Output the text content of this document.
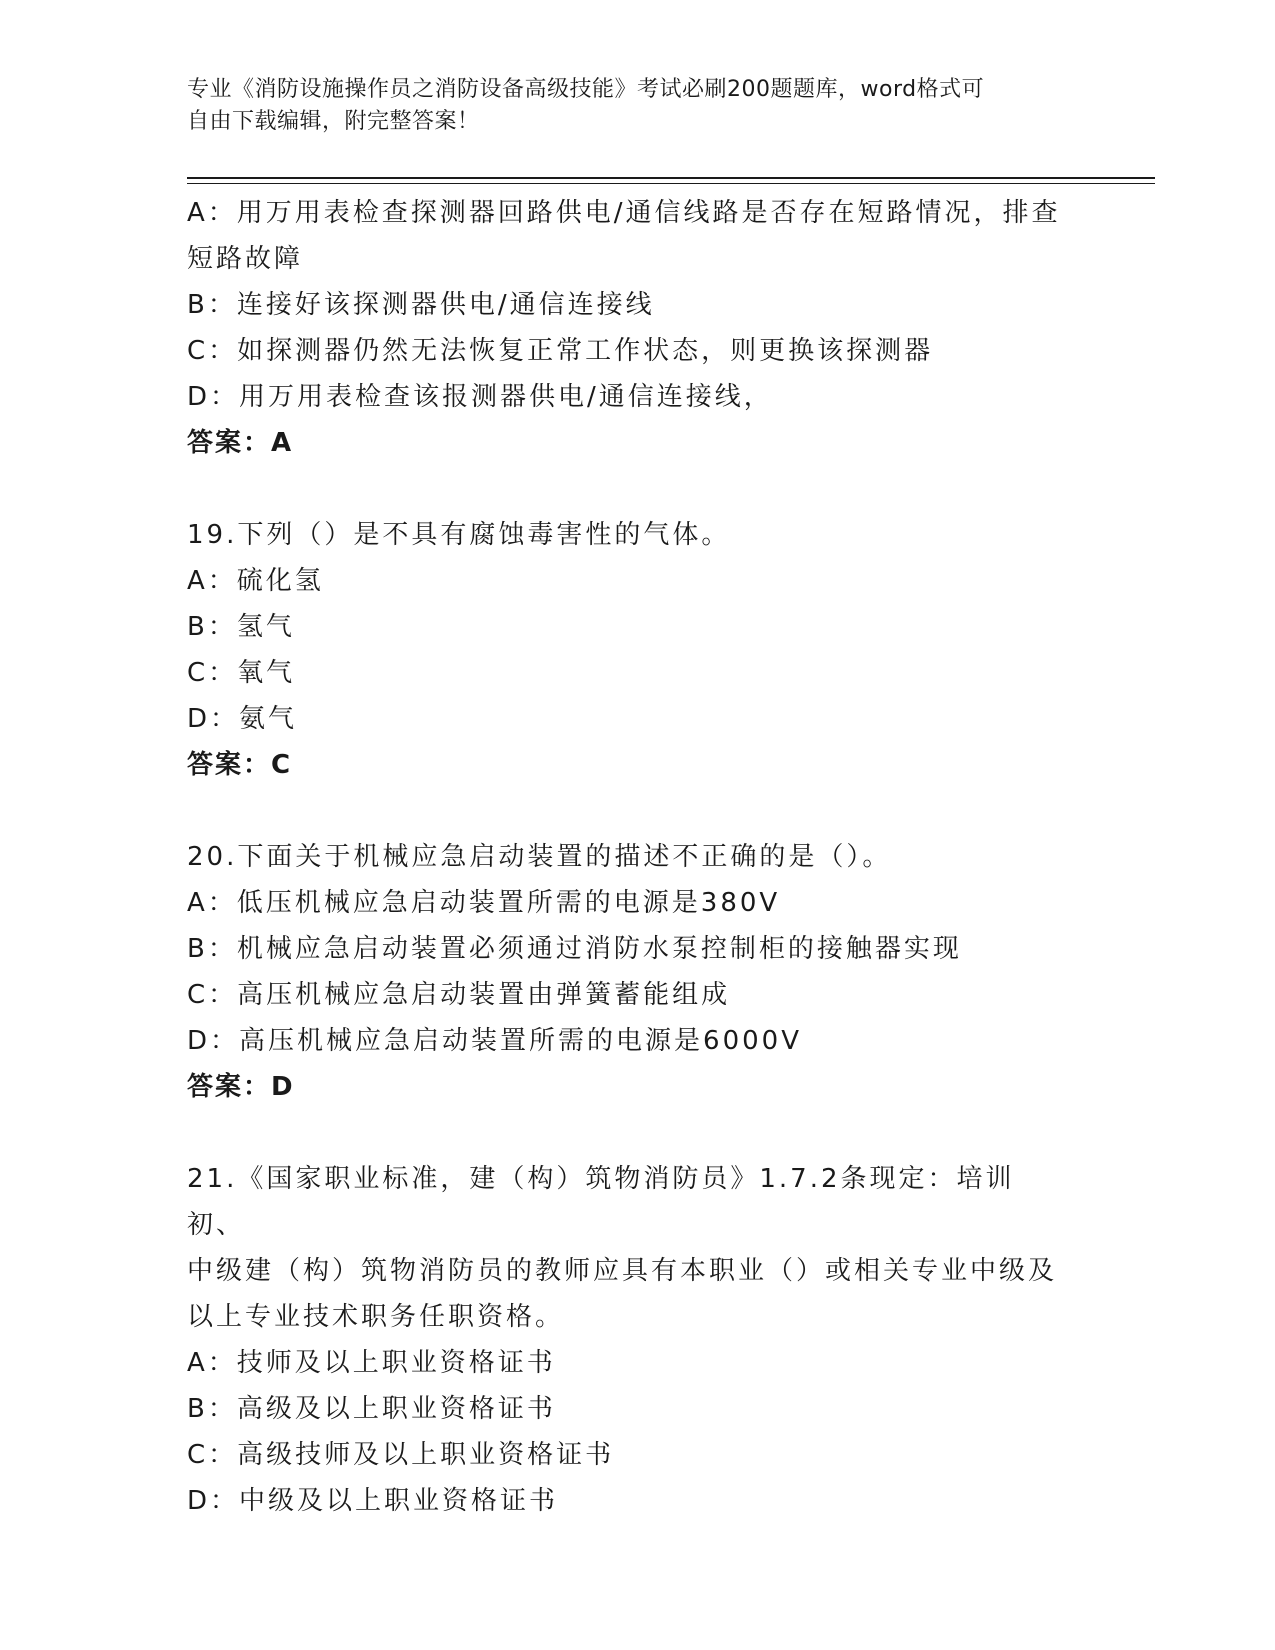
专业《消防设施操作员之消防设备高级技能》考试必刷200题题库，word格式可
自由下载编辑，附完整答案！

A：用万用表检查探测器回路供电/通信线路是否存在短路情况，排查

短路故障

B：连接好该探测器供电/通信连接线

C：如探测器仍然无法恢复正常工作状态，则更换该探测器

D：用万用表检查该报测器供电/通信连接线，

答案：A

19.下列（）是不具有腐蚀毒害性的气体。

A：硫化氢

B：氢气

C：氧气

D：氨气

答案：C

20.下面关于机械应急启动装置的描述不正确的是（）。

A：低压机械应急启动装置所需的电源是380V

B：机械应急启动装置必须通过消防水泵控制柜的接触器实现

C：高压机械应急启动装置由弹簧蓄能组成

D：高压机械应急启动装置所需的电源是6000V

答案：D

21.《国家职业标准，建（构）筑物消防员》1.7.2条现定：培训初、

中级建（构）筑物消防员的教师应具有本职业（）或相关专业中级及

以上专业技术职务任职资格。

A：技师及以上职业资格证书

B：高级及以上职业资格证书

C：高级技师及以上职业资格证书

D：中级及以上职业资格证书
